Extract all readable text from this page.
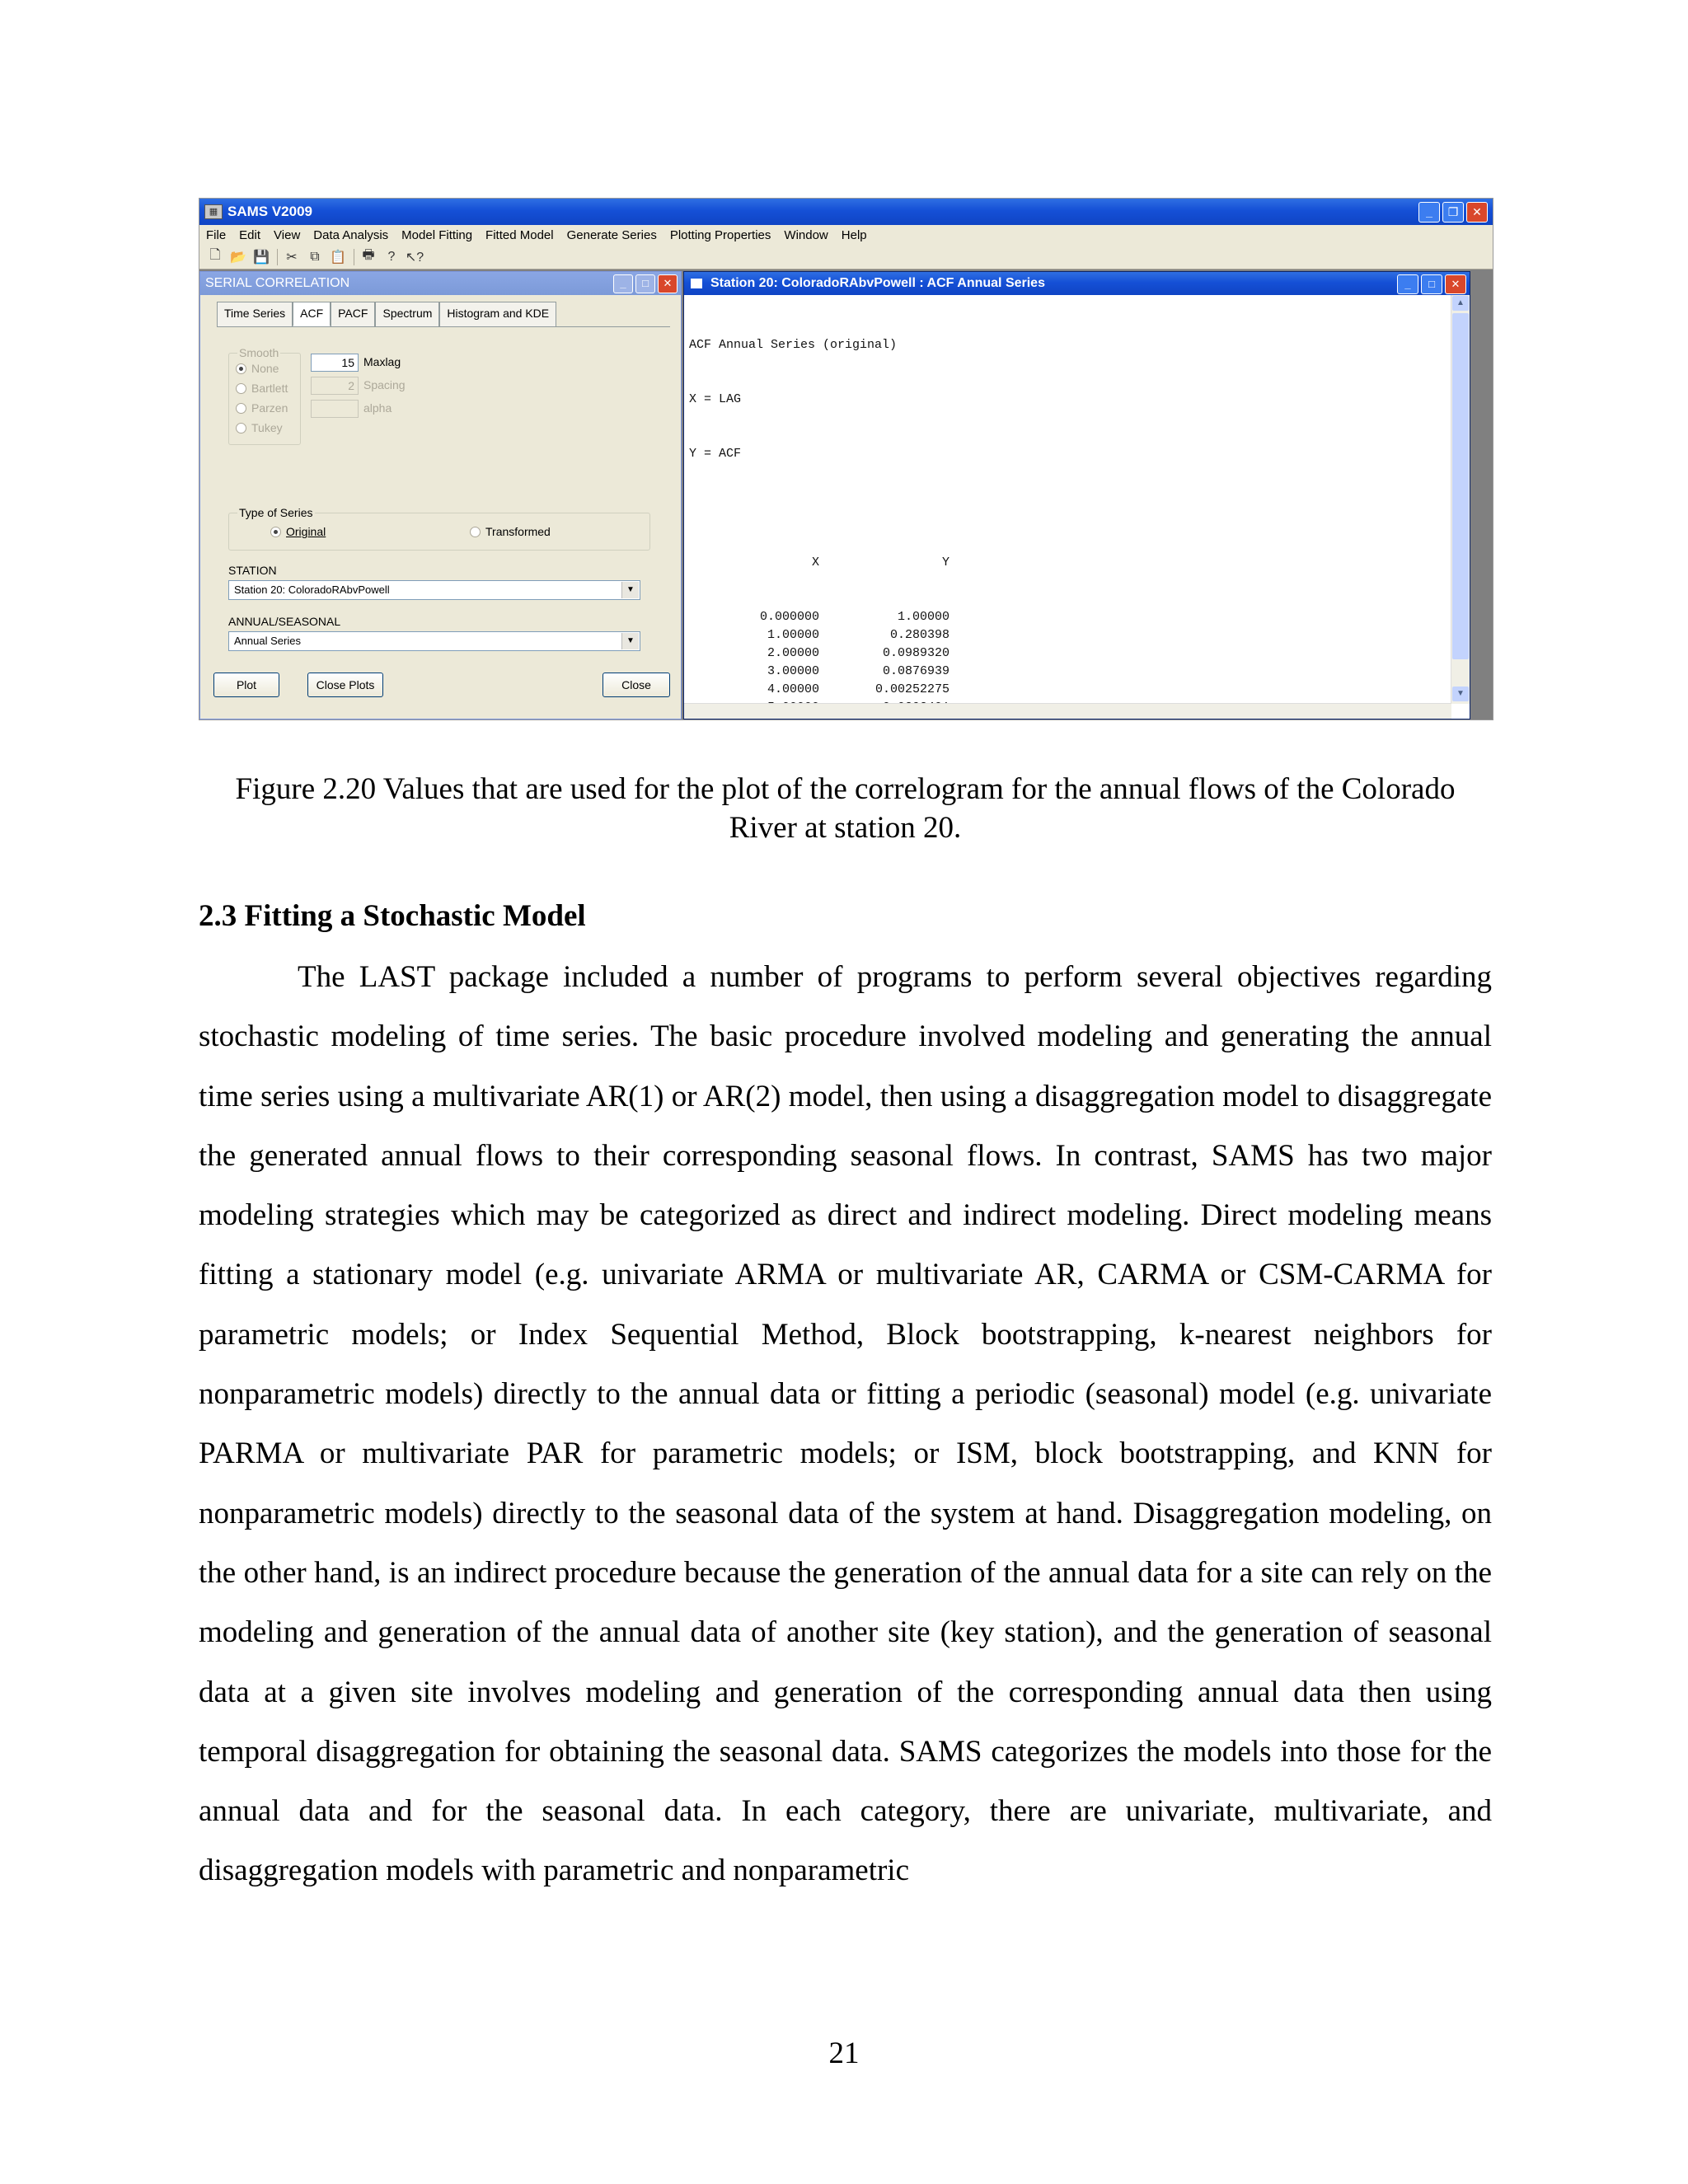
▦ SAMS V2009	_	❐	✕
File Edit View Data Analysis Model Fitting Fitted Model Generate Series Plotting Properties Window Help
🗋 📂 💾 ✂ ⧉ 📋 🖶	? ↖?
SERIAL CORRELATION	_	□	✕
Time Series	ACF	PACF	Spectrum	Histogram and KDE
Smooth
None
Bartlett
Parzen
Tukey
15 Maxlag
2 Spacing
alpha
Type of Series
Original	Transformed
STATION
Station 20: ColoradoRAbvPowell	▼
ANNUAL/SEASONAL
Annual Series	▼
Plot	Close Plots	Close
Station 20: ColoradoRAbvPowell : ACF Annual Series	_	□	✕

ACF Annual Series (original)

X = LAG

Y = ACF

X	Y

0.000000	1.00000
1.00000	0.280398
2.00000	0.0989320
3.00000	0.0876939
4.00000	0.00252275

▲
▼
Figure 2.20 Values that are used for the plot of the correlogram for the annual flows of the Colorado River at station 20.
2.3 Fitting a Stochastic Model
The LAST package included a number of programs to perform several objectives regarding stochastic modeling of time series. The basic procedure involved modeling and generating the annual time series using a multivariate AR(1) or AR(2) model, then using a disaggregation model to disaggregate the generated annual flows to their corresponding seasonal flows. In contrast, SAMS has two major modeling strategies which may be categorized as direct and indirect modeling. Direct modeling means fitting a stationary model (e.g. univariate ARMA or multivariate AR, CARMA or CSM-CARMA for parametric models; or Index Sequential Method, Block bootstrapping, k-nearest neighbors for nonparametric models) directly to the annual data or fitting a periodic (seasonal) model (e.g. univariate PARMA or multivariate PAR for parametric models; or ISM, block bootstrapping, and KNN for nonparametric models) directly to the seasonal data of the system at hand. Disaggregation modeling, on the other hand, is an indirect procedure because the generation of the annual data for a site can rely on the modeling and generation of the annual data of another site (key station), and the generation of seasonal data at a given site involves modeling and generation of the corresponding annual data then using temporal disaggregation for obtaining the seasonal data. SAMS categorizes the models into those for the annual data and for the seasonal data. In each category, there are univariate, multivariate, and disaggregation models with parametric and nonparametric
21
